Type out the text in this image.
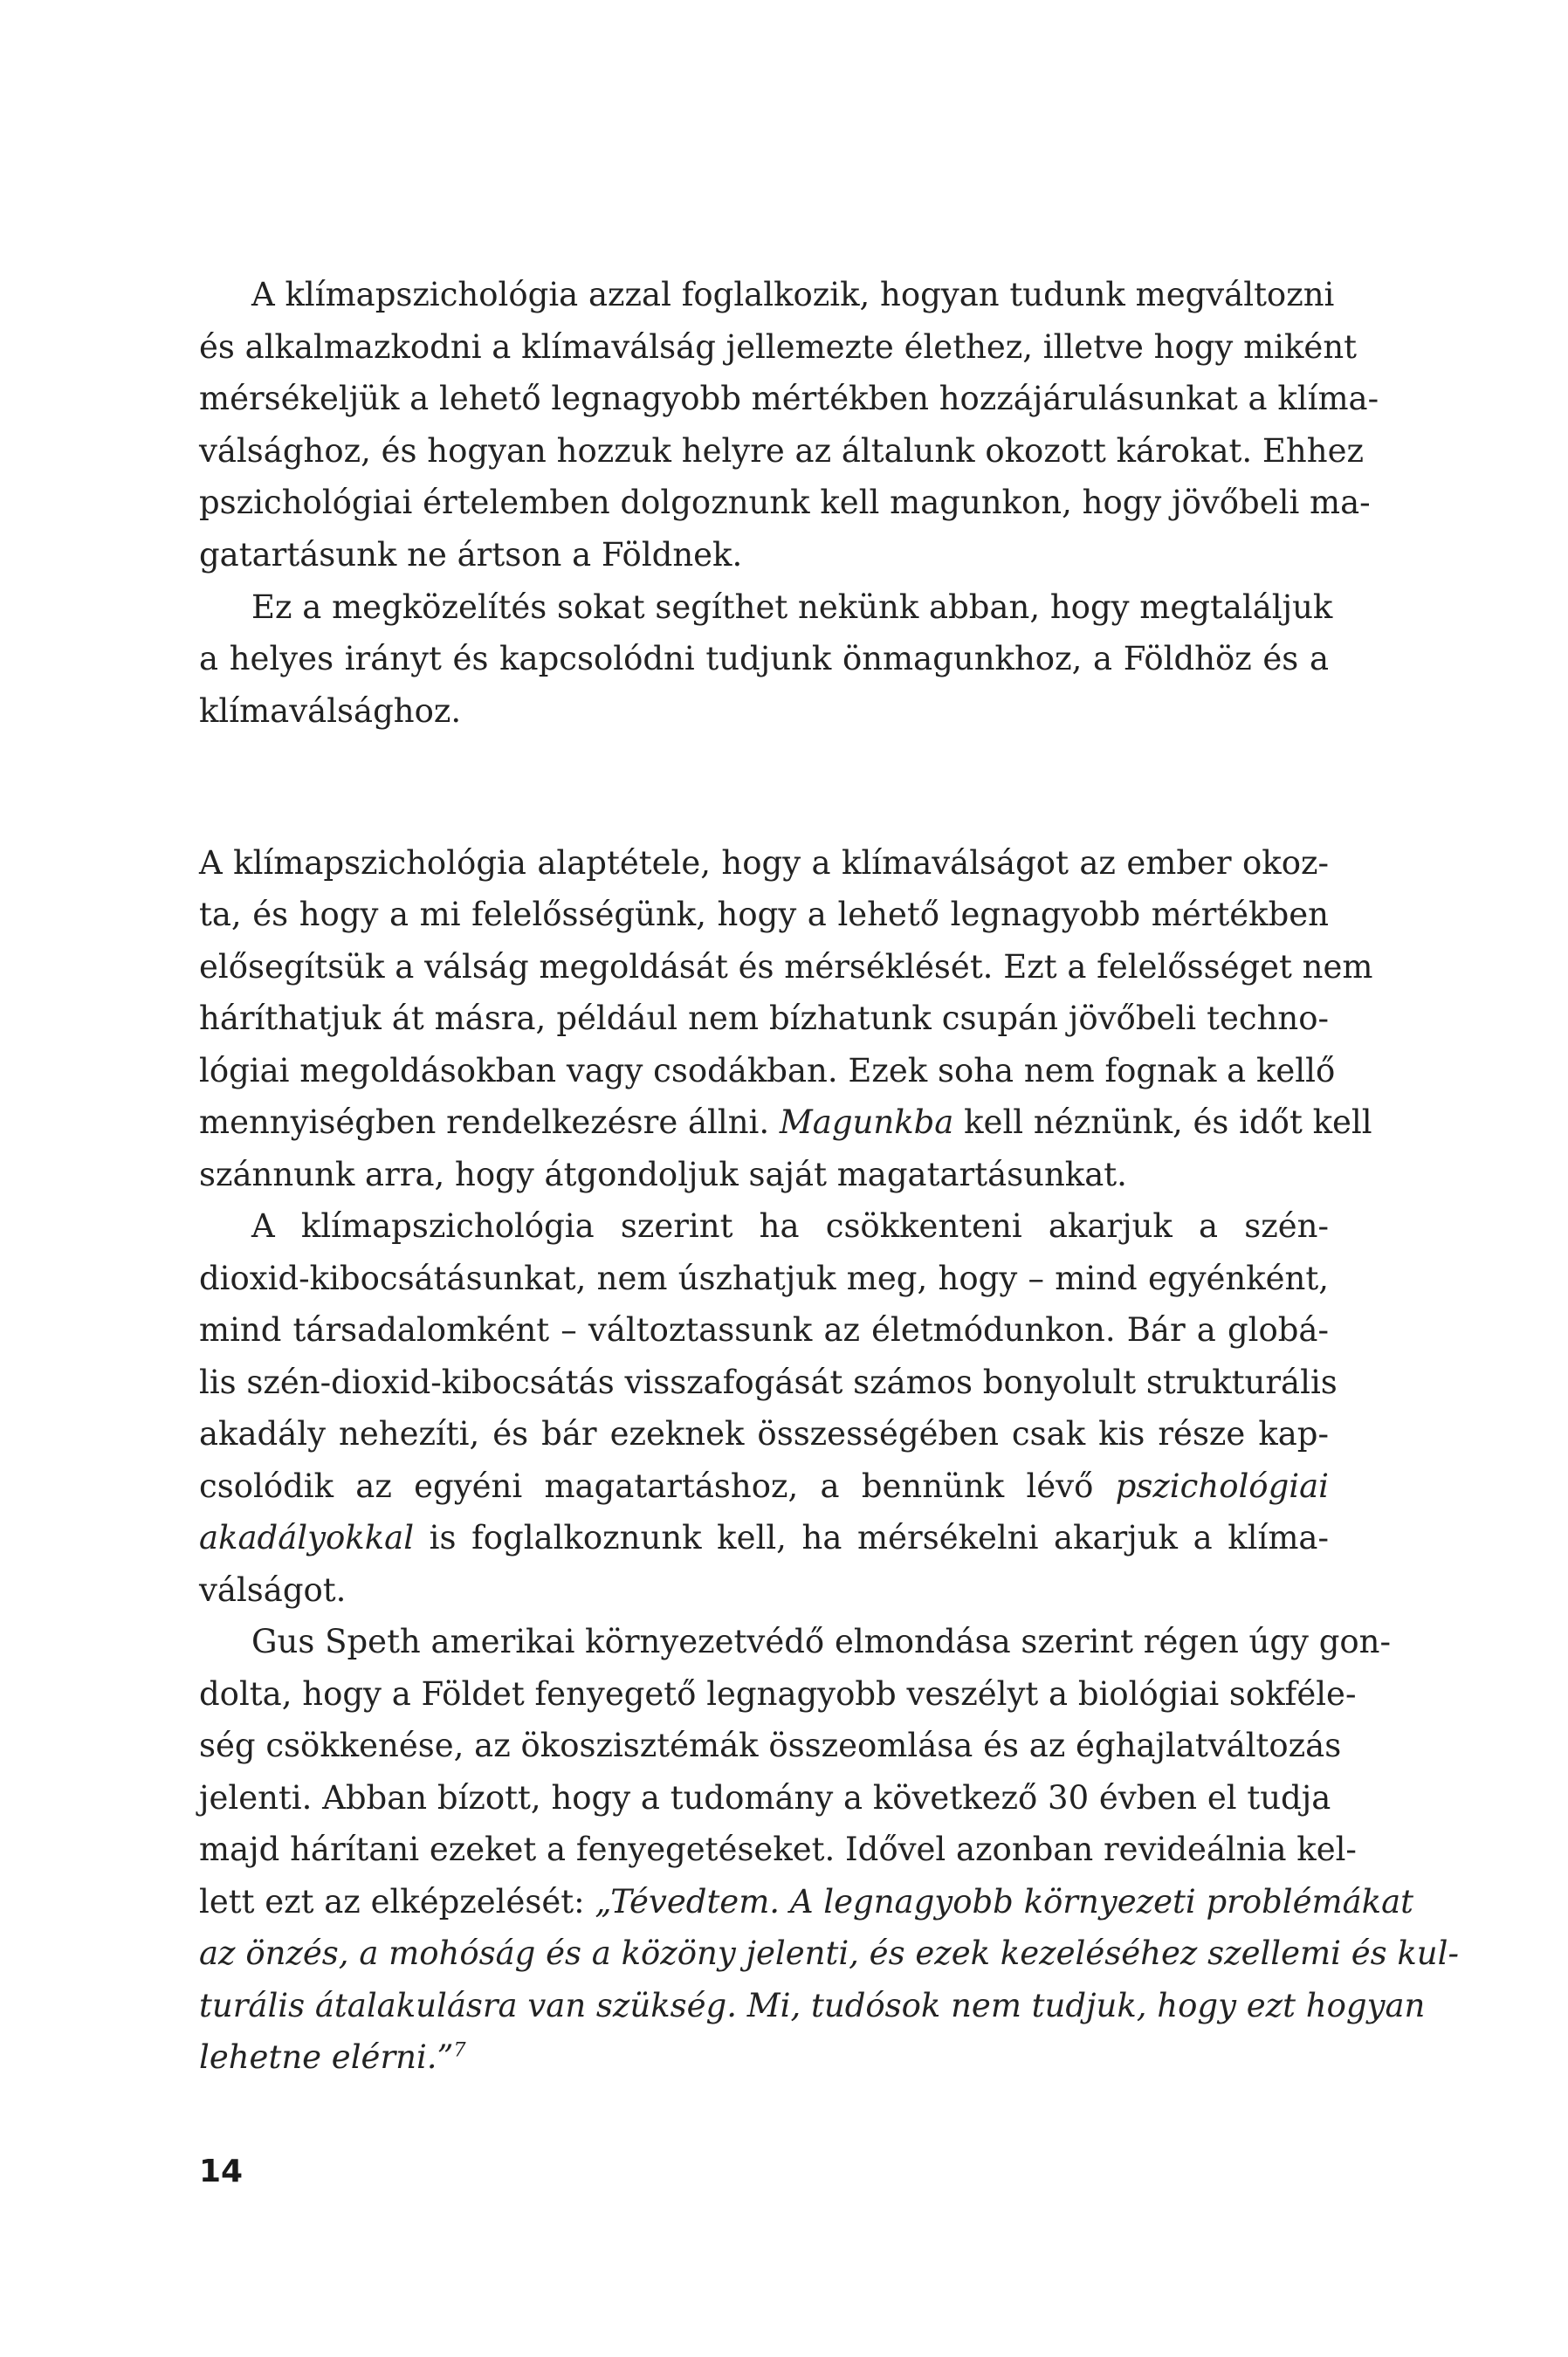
A klímapszichológia azzal foglalkozik, hogyan tudunk megváltozni
és alkalmazkodni a klímaválság jellemezte élethez, illetve hogy miként
mérsékeljük a lehető legnagyobb mértékben hozzájárulásunkat a klíma-
válsághoz, és hogyan hozzuk helyre az általunk okozott károkat. Ehhez
pszichológiai értelemben dolgoznunk kell magunkon, hogy jövőbeli ma-
gatartásunk ne ártson a Földnek.
Ez a megközelítés sokat segíthet nekünk abban, hogy megtaláljuk
a helyes irányt és kapcsolódni tudjunk önmagunkhoz, a Földhöz és a
klímaválsághoz.
A klímapszichológia alaptétele, hogy a klímaválságot az ember okoz-
ta, és hogy a mi felelősségünk, hogy a lehető legnagyobb mértékben
elősegítsük a válság megoldását és mérséklését. Ezt a felelősséget nem
háríthatjuk át másra, például nem bízhatunk csupán jövőbeli techno-
lógiai megoldásokban vagy csodákban. Ezek soha nem fognak a kellő
mennyiségben rendelkezésre állni. Magunkba kell néznünk, és időt kell
szánnunk arra, hogy átgondoljuk saját magatartásunkat.
A klímapszichológia szerint ha csökkenteni akarjuk a szén-
dioxid-kibocsátásunkat, nem úszhatjuk meg, hogy – mind egyénként,
mind társadalomként – változtassunk az életmódunkon. Bár a globá-
lis szén-dioxid-kibocsátás visszafogását számos bonyolult strukturális
akadály nehezíti, és bár ezeknek összességében csak kis része kap-
csolódik az egyéni magatartáshoz, a bennünk lévő pszichológiai
akadályokkal is foglalkoznunk kell, ha mérsékelni akarjuk a klíma-
válságot.
Gus Speth amerikai környezetvédő elmondása szerint régen úgy gon-
dolta, hogy a Földet fenyegető legnagyobb veszélyt a biológiai sokféle-
ség csökkenése, az ökoszisztémák összeomlása és az éghajlatváltozás
jelenti. Abban bízott, hogy a tudomány a következő 30 évben el tudja
majd hárítani ezeket a fenyegetéseket. Idővel azonban revideálnia kel-
lett ezt az elképzelését: „Tévedtem. A legnagyobb környezeti problémákat
az önzés, a mohóság és a közöny jelenti, és ezek kezeléséhez szellemi és kul-
turális átalakulásra van szükség. Mi, tudósok nem tudjuk, hogy ezt hogyan
lehetne elérni.”$^7$
14
